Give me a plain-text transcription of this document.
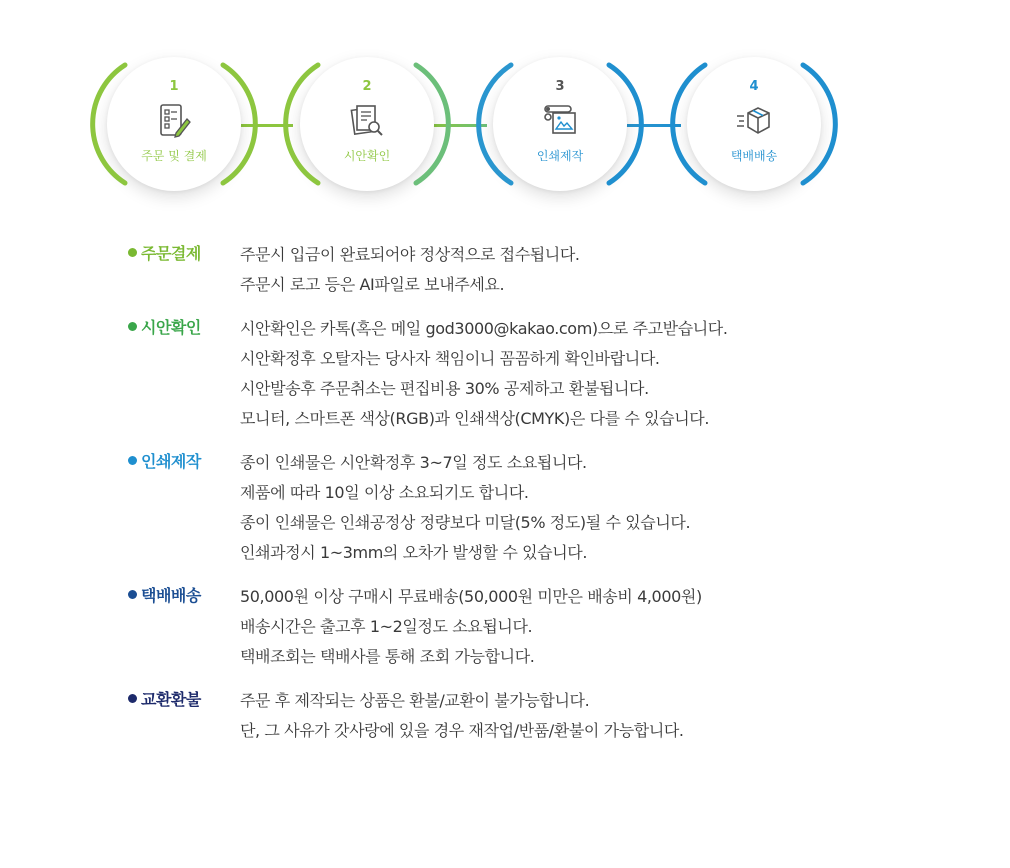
1
주문 및 결제
2
시안확인
3
인쇄제작
4
택배배송
주문결제 주문시 입금이 완료되어야 정상적으로 접수됩니다.
주문시 로고 등은 AI파일로 보내주세요.
시안확인 시안확인은 카톡(혹은 메일 god3000@kakao.com)으로 주고받습니다.
시안확정후 오탈자는 당사자 책임이니 꼼꼼하게 확인바랍니다.
시안발송후 주문취소는 편집비용 30% 공제하고 환불됩니다.
모니터, 스마트폰 색상(RGB)과 인쇄색상(CMYK)은 다를 수 있습니다.
인쇄제작 종이 인쇄물은 시안확정후 3~7일 정도 소요됩니다.
제품에 따라 10일 이상 소요되기도 합니다.
종이 인쇄물은 인쇄공정상 정량보다 미달(5% 정도)될 수 있습니다.
인쇄과정시 1~3mm의 오차가 발생할 수 있습니다.
택배배송 50,000원 이상 구매시 무료배송(50,000원 미만은 배송비 4,000원)
배송시간은 출고후 1~2일정도 소요됩니다.
택배조회는 택배사를 통해 조회 가능합니다.
교환환불 주문 후 제작되는 상품은 환불/교환이 불가능합니다.
단, 그 사유가 갓사랑에 있을 경우 재작업/반품/환불이 가능합니다.
